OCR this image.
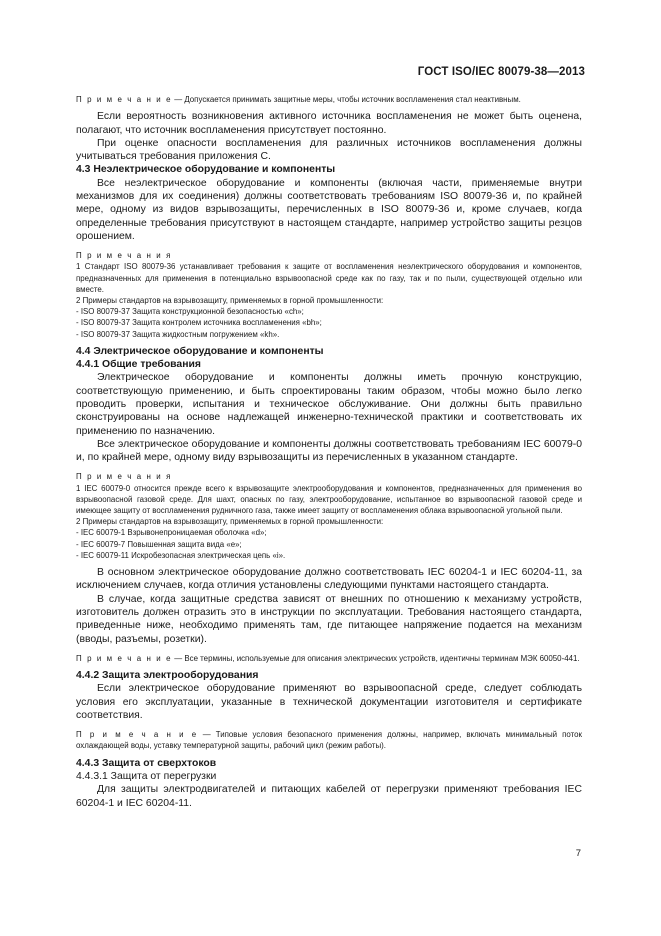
ГОСТ ISO/IEC 80079-38—2013

П р и м е ч а н и е — Допускается принимать защитные меры, чтобы источник воспламенения стал неактивным.

Если вероятность возникновения активного источника воспламенения не может быть оценена, полагают, что источник воспламенения присутствует постоянно.

При оценке опасности воспламенения для различных источников воспламенения должны учитываться требования приложения С.

4.3 Неэлектрическое оборудование и компоненты

Все неэлектрическое оборудование и компоненты (включая части, применяемые внутри механизмов для их соединения) должны соответствовать требованиям ISO 80079-36 и, по крайней мере, одному из видов взрывозащиты, перечисленных в ISO 80079-36 и, кроме случаев, когда определенные требования присутствуют в настоящем стандарте, например устройство защиты резцов орошением.

П р и м е ч а н и я

1 Стандарт ISO 80079-36 устанавливает требования к защите от воспламенения неэлектрического оборудования и компонентов, предназначенных для применения в потенциально взрывоопасной среде как по газу, так и по пыли, существующей отдельно или вместе.

2 Примеры стандартов на взрывозащиту, применяемых в горной промышленности:

- ISO 80079-37 Защита конструкционной безопасностью «ch»;

- ISO 80079-37 Защита контролем источника воспламенения «bh»;

- ISO 80079-37 Защита жидкостным погружением «kh».

4.4 Электрическое оборудование и компоненты

4.4.1 Общие требования

Электрическое оборудование и компоненты должны иметь прочную конструкцию, соответствующую применению, и быть спроектированы таким образом, чтобы можно было легко проводить проверки, испытания и техническое обслуживание. Они должны быть правильно сконструированы на основе надлежащей инженерно-технической практики и соответствовать их применению по назначению.

Все электрическое оборудование и компоненты должны соответствовать требованиям IEC 60079-0 и, по крайней мере, одному виду взрывозащиты из перечисленных в указанном стандарте.

П р и м е ч а н и я

1 IEC 60079-0 относится прежде всего к взрывозащите электрооборудования и компонентов, предназначенных для применения во взрывоопасной газовой среде. Для шахт, опасных по газу, электрооборудование, испытанное во взрывоопасной газовой среде и имеющее защиту от воспламенения рудничного газа, также имеет защиту от воспламенения облака взрывоопасной угольной пыли.

2 Примеры стандартов на взрывозащиту, применяемых в горной промышленности:

- IEC 60079-1 Взрывонепроницаемая оболочка «d»;

- IEC 60079-7 Повышенная защита вида «e»;

- IEC 60079-11 Искробезопасная электрическая цепь «i».

В основном электрическое оборудование должно соответствовать IEC 60204-1 и IEC 60204-11, за исключением случаев, когда отличия установлены следующими пунктами настоящего стандарта.

В случае, когда защитные средства зависят от внешних по отношению к механизму устройств, изготовитель должен отразить это в инструкции по эксплуатации. Требования настоящего стандарта, приведенные ниже, необходимо применять там, где питающее напряжение подается на механизм (вводы, разъемы, розетки).

П р и м е ч а н и е — Все термины, используемые для описания электрических устройств, идентичны терминам МЭК 60050-441.

4.4.2 Защита электрооборудования

Если электрическое оборудование применяют во взрывоопасной среде, следует соблюдать условия его эксплуатации, указанные в технической документации изготовителя и сертификате соответствия.

П р и м е ч а н и е — Типовые условия безопасного применения должны, например, включать минимальный поток охлаждающей воды, уставку температурной защиты, рабочий цикл (режим работы).

4.4.3 Защита от сверхтоков

4.4.3.1 Защита от перегрузки

Для защиты электродвигателей и питающих кабелей от перегрузки применяют требования IEC 60204-1 и IEC 60204-11.

7
